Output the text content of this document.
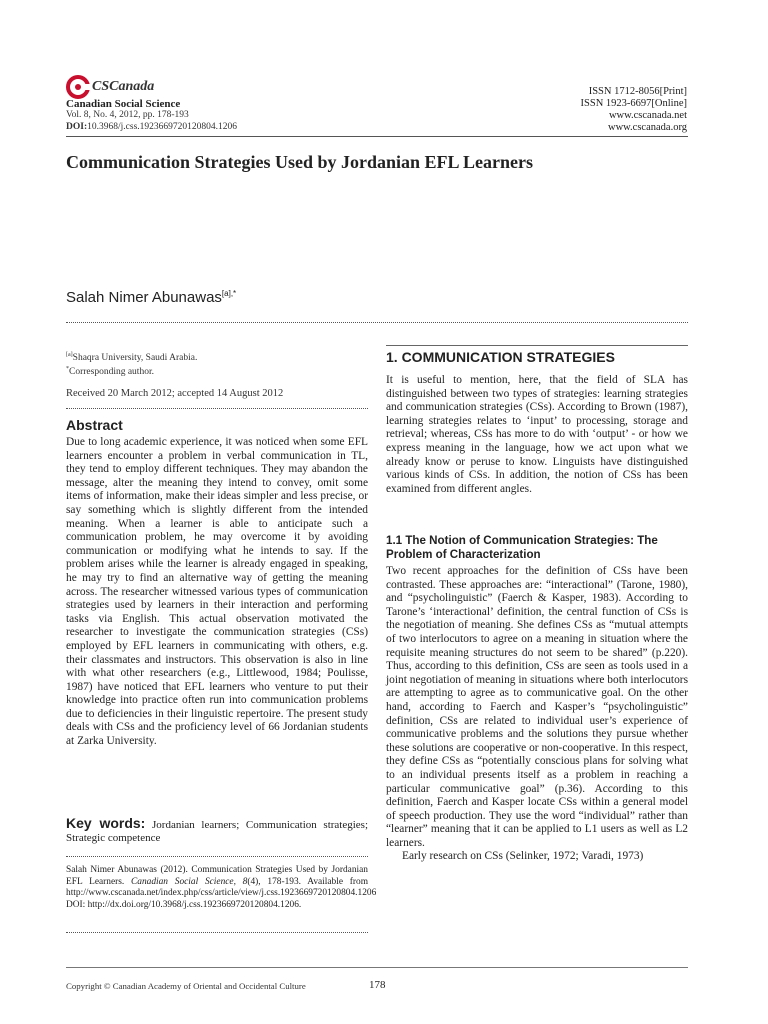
CSCanada
Canadian Social Science
Vol. 8, No. 4, 2012, pp. 178-193
DOI:10.3968/j.css.1923669720120804.1206
ISSN 1712-8056[Print]
ISSN 1923-6697[Online]
www.cscanada.net
www.cscanada.org
Communication Strategies Used by Jordanian EFL Learners
Salah Nimer Abunawas$^{[a],*}$
[a]Shaqra University, Saudi Arabia.
*Corresponding author.
Received 20 March 2012; accepted 14 August 2012
Abstract

Due to long academic experience, it was noticed when some EFL learners encounter a problem in verbal communication in TL, they tend to employ different techniques. They may abandon the message, alter the meaning they intend to convey, omit some items of information, make their ideas simpler and less precise, or say something which is slightly different from the intended meaning. When a learner is able to anticipate such a communication problem, he may overcome it by avoiding communication or modifying what he intends to say. If the problem arises while the learner is already engaged in speaking, he may try to find an alternative way of getting the meaning across. The researcher witnessed various types of communication strategies used by learners in their interaction and performing tasks via English. This actual observation motivated the researcher to investigate the communication strategies (CSs) employed by EFL learners in communicating with others, e.g. their classmates and instructors. This observation is also in line with what other researchers (e.g., Littlewood, 1984; Poulisse, 1987) have noticed that EFL learners who venture to put their knowledge into practice often run into communication problems due to deficiencies in their linguistic repertoire. The present study deals with CSs and the proficiency level of 66 Jordanian students at Zarka University.

Key words: Jordanian learners; Communication strategies; Strategic competence
Salah Nimer Abunawas (2012). Communication Strategies Used by Jordanian EFL Learners. Canadian Social Science, 8(4), 178-193. Available from http://www.cscanada.net/index.php/css/article/view/j.css.1923669720120804.1206
DOI: http://dx.doi.org/10.3968/j.css.1923669720120804.1206.
1. COMMUNICATION STRATEGIES

It is useful to mention, here, that the field of SLA has distinguished between two types of strategies: learning strategies and communication strategies (CSs). According to Brown (1987), learning strategies relates to ‘input’ to processing, storage and retrieval; whereas, CSs has more to do with ‘output’ - or how we express meaning in the language, how we act upon what we already know or peruse to know. Linguists have distinguished various kinds of CSs. In addition, the notion of CSs has been examined from different angles.

1.1 The Notion of Communication Strategies: The Problem of Characterization

Two recent approaches for the definition of CSs have been contrasted. These approaches are: “interactional” (Tarone, 1980), and “psycholinguistic” (Faerch & Kasper, 1983). According to Tarone’s ‘interactional’ definition, the central function of CSs is the negotiation of meaning. She defines CSs as “mutual attempts of two interlocutors to agree on a meaning in situation where the requisite meaning structures do not seem to be shared” (p.220). Thus, according to this definition, CSs are seen as tools used in a joint negotiation of meaning in situations where both interlocutors are attempting to agree as to communicative goal. On the other hand, according to Faerch and Kasper’s “psycholinguistic” definition, CSs are related to individual user’s experience of communicative problems and the solutions they pursue whether these solutions are cooperative or non-cooperative. In this respect, they define CSs as “potentially conscious plans for solving what to an individual presents itself as a problem in reaching a particular communicative goal” (p.36). According to this definition, Faerch and Kasper locate CSs within a general model of speech production. They use the word “individual” rather than “learner” meaning that it can be applied to L1 users as well as L2 learners.

Early research on CSs (Selinker, 1972; Varadi, 1973)

Copyright © Canadian Academy of Oriental and Occidental Culture	178
